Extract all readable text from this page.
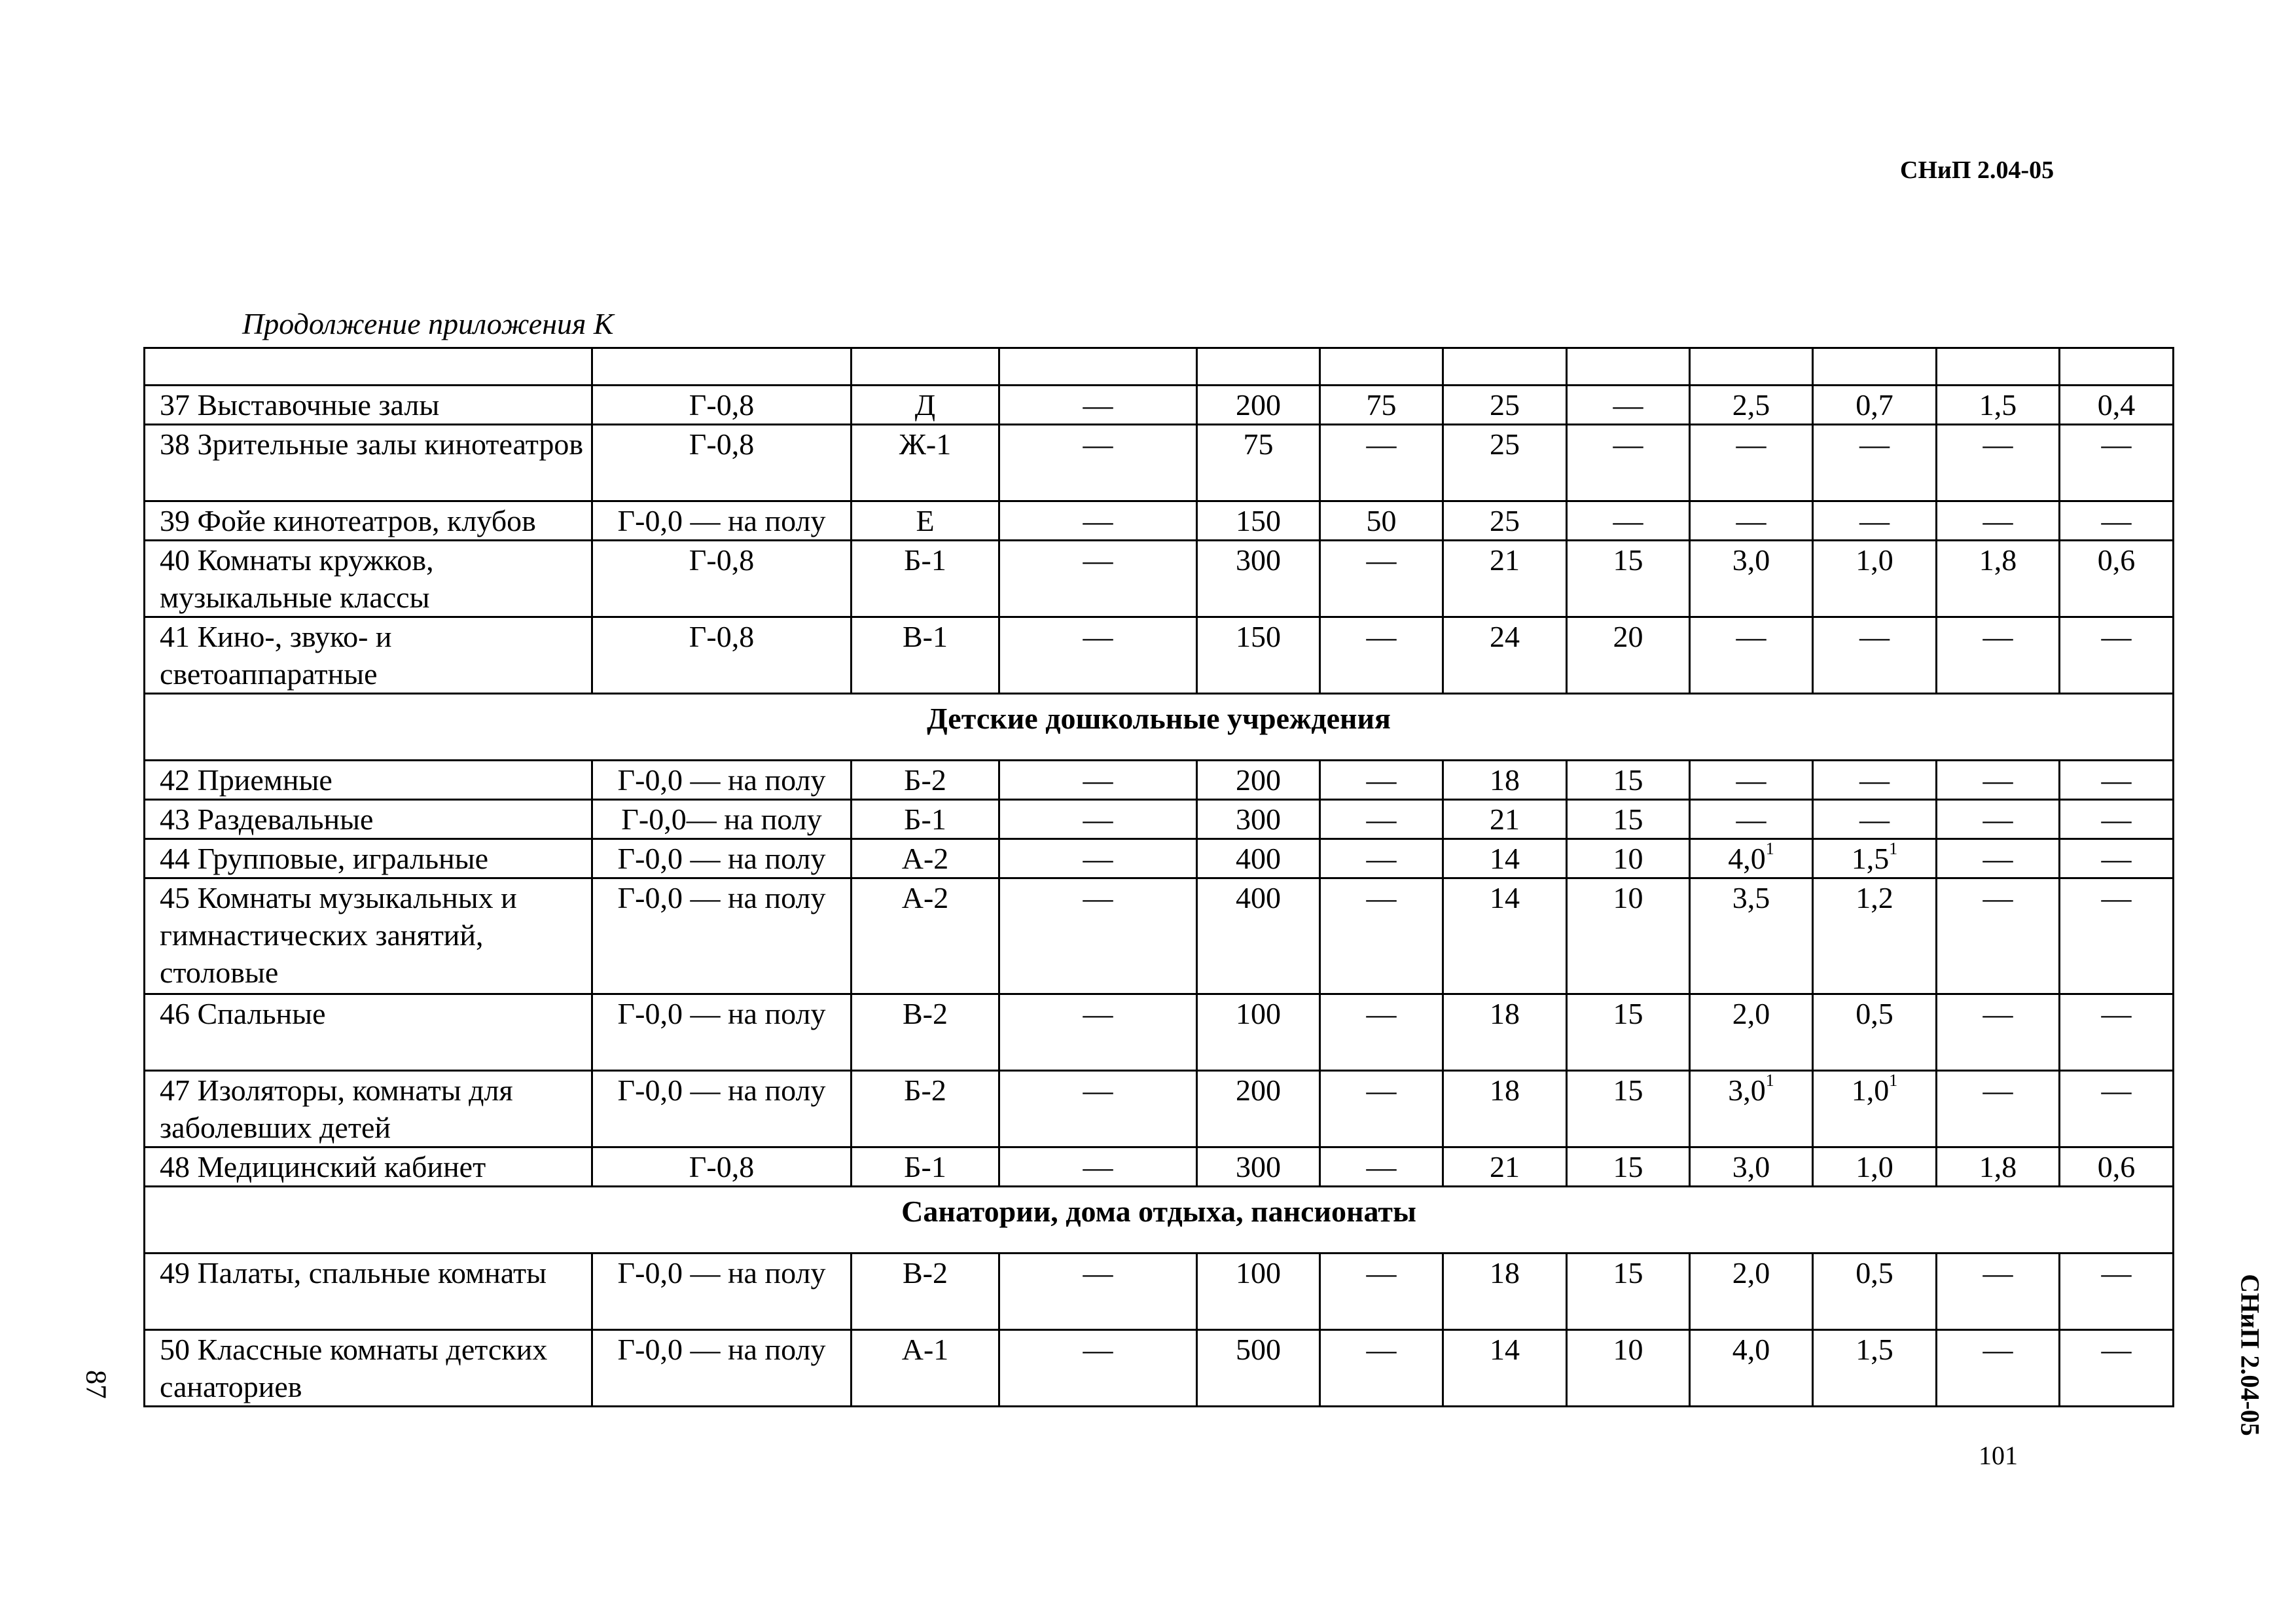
СНиП 2.04-05
Продолжение приложения К

37 Выставочные залы	Г-0,8	Д	—	200	75	25	—	2,5	0,7	1,5	0,4
38 Зрительные залы кинотеатров	Г-0,8	Ж-1	—	75	—	25	—	—	—	—	—
39 Фойе кинотеатров, клубов	Г-0,0 — на полу	Е	—	150	50	25	—	—	—	—	—
40 Комнаты кружков, музыкальные классы	Г-0,8	Б-1	—	300	—	21	15	3,0	1,0	1,8	0,6
41 Кино-, звуко- и светоаппаратные	Г-0,8	В-1	—	150	—	24	20	—	—	—	—
Детские дошкольные учреждения											
42 Приемные	Г-0,0 — на полу	Б-2	—	200	—	18	15	—	—	—	—
43 Раздевальные	Г-0,0— на полу	Б-1	—	300	—	21	15	—	—	—	—
44 Групповые, игральные	Г-0,0 — на полу	А-2	—	400	—	14	10	$4,0^1$	$1,5^1$	—	—
45 Комнаты музыкальных и гимнастических занятий, столовые	Г-0,0 — на полу	А-2	—	400	—	14	10	3,5	1,2	—	—
46 Спальные	Г-0,0 — на полу	В-2	—	100	—	18	15	2,0	0,5	—	—
47 Изоляторы, комнаты для заболевших детей	Г-0,0 — на полу	Б-2	—	200	—	18	15	$3,0^1$	$1,0^1$	—	—
48 Медицинский кабинет	Г-0,8	Б-1	—	300	—	21	15	3,0	1,0	1,8	0,6
Санатории, дома отдыха, пансионаты											
49 Палаты, спальные комнаты	Г-0,0 — на полу	В-2	—	100	—	18	15	2,0	0,5	—	—
50 Классные комнаты детских санаториев	Г-0,0 — на полу	А-1	—	500	—	14	10	4,0	1,5	—	—
101
СНиП 2.04-05
87
